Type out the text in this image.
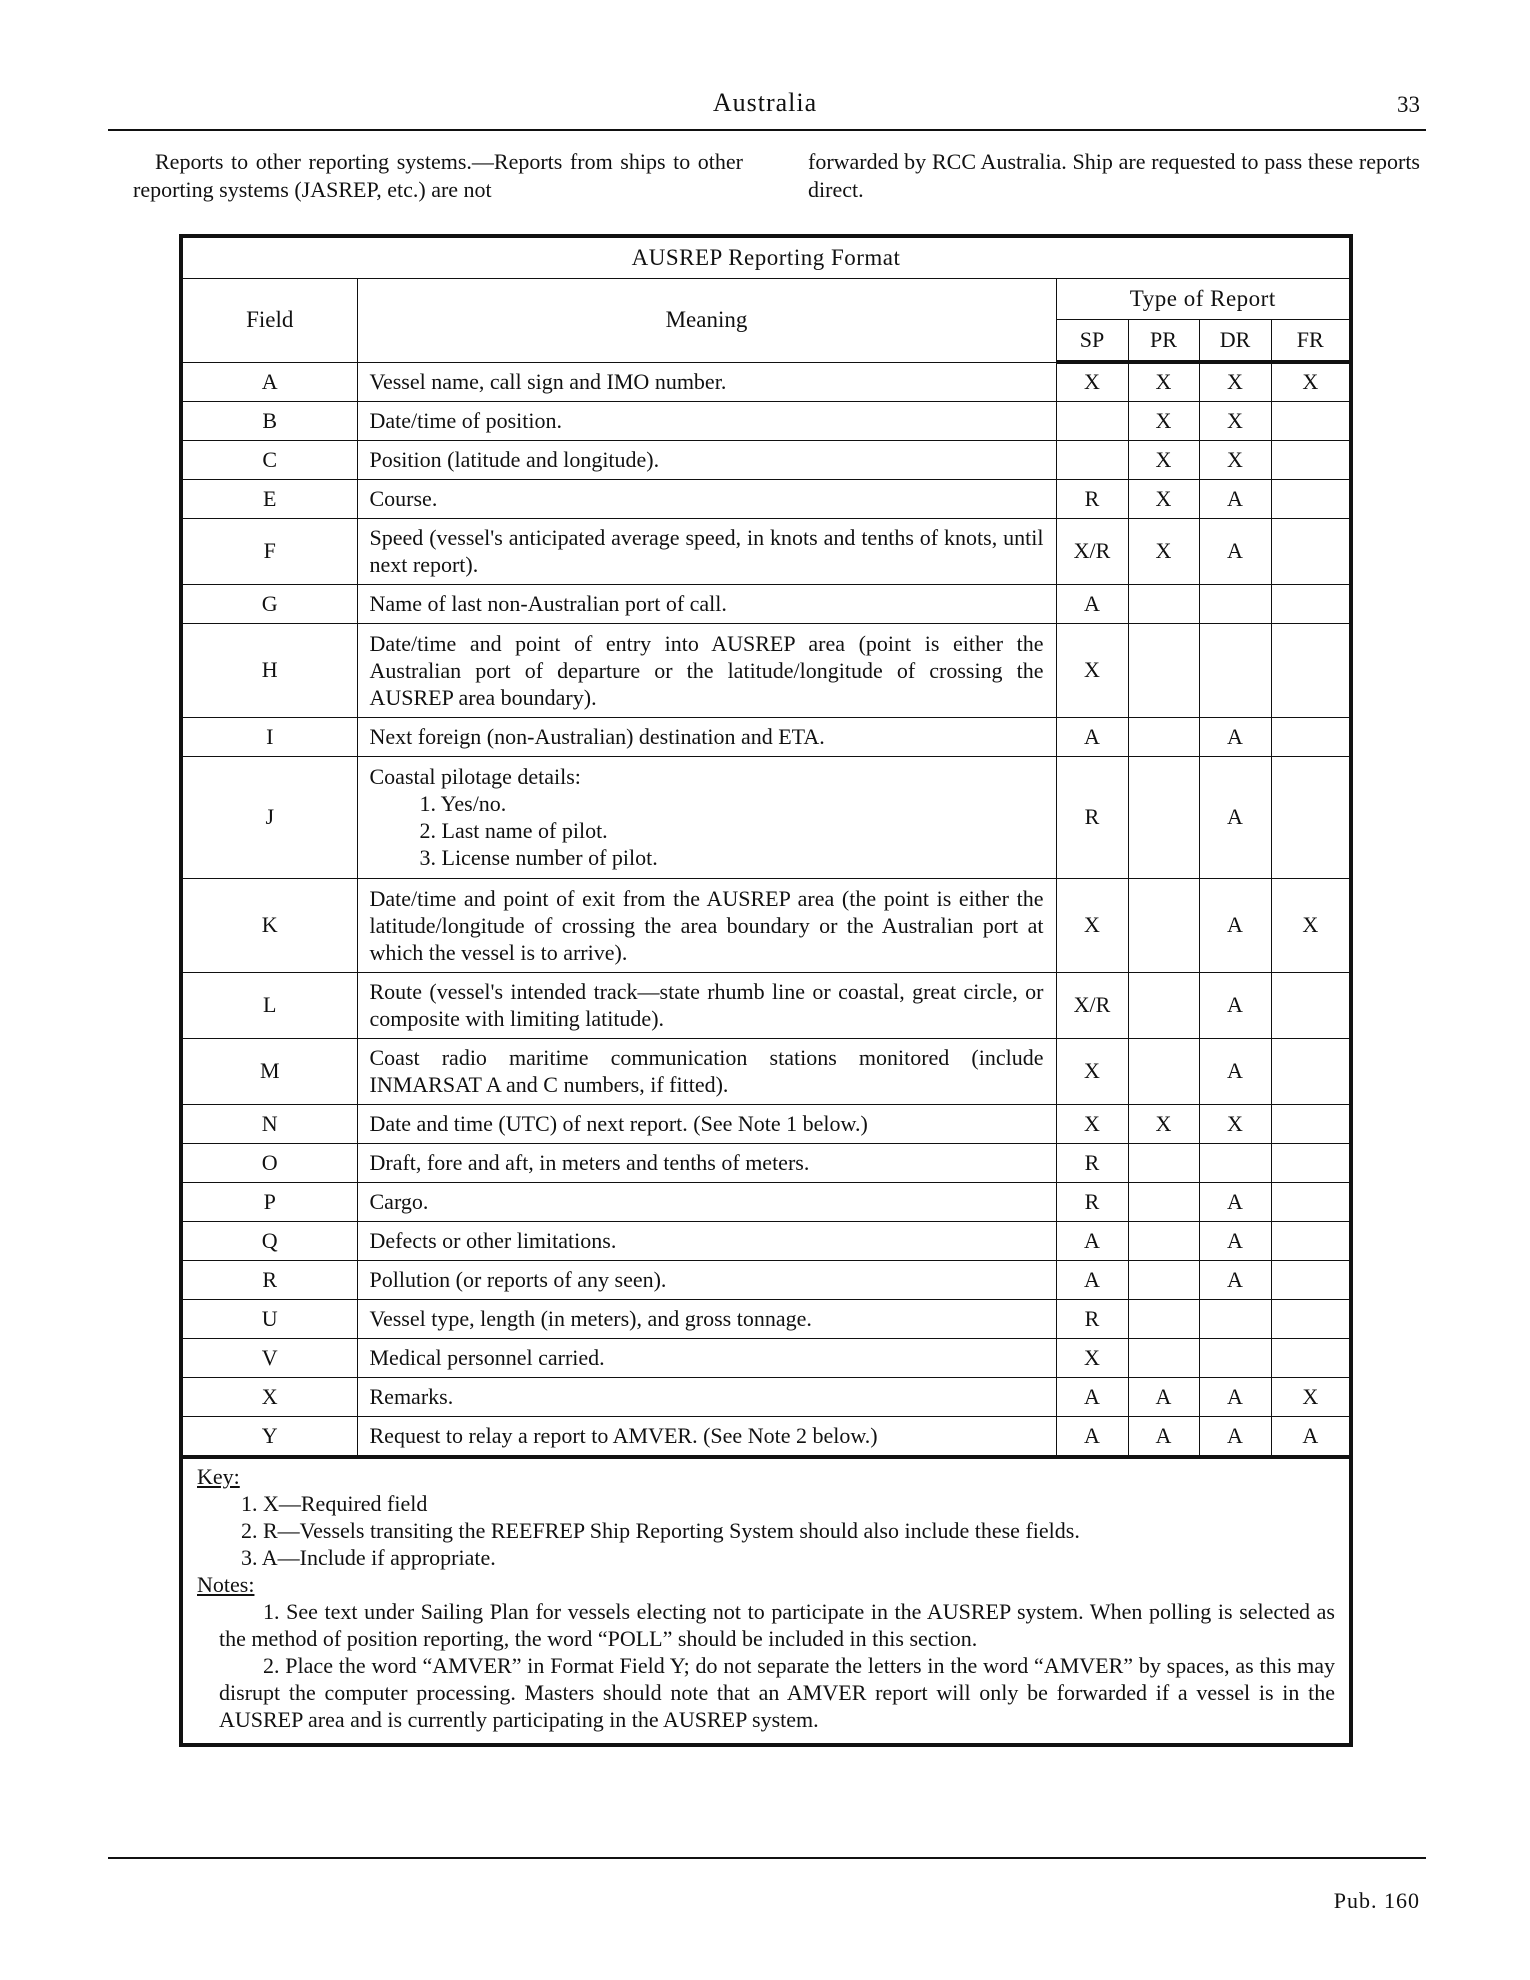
Australia	33
Reports to other reporting systems.—Reports from ships to other reporting systems (JASREP, etc.) are not
forwarded by RCC Australia. Ship are requested to pass these reports direct.
AUSREP Reporting Format					
Field	Meaning	Type of Report			
		SP	PR	DR	FR
A	Vessel name, call sign and IMO number.	X	X	X	X
B	Date/time of position.		X	X	
C	Position (latitude and longitude).		X	X	
E	Course.	R	X	A	
F	Speed (vessel's anticipated average speed, in knots and tenths of knots, until next report).	X/R	X	A	
G	Name of last non-Australian port of call.	A			
H	Date/time and point of entry into AUSREP area (point is either the Australian port of departure or the latitude/longitude of crossing the AUSREP area boundary).	X			
I	Next foreign (non-Australian) destination and ETA.	A		A	
J	Coastal pilotage details:
1. Yes/no.
2. Last name of pilot.
3. License number of pilot.	R		A	
K	Date/time and point of exit from the AUSREP area (the point is either the latitude/longitude of crossing the area boundary or the Australian port at which the vessel is to arrive).	X		A	X
L	Route (vessel's intended track—state rhumb line or coastal, great circle, or composite with limiting latitude).	X/R		A	
M	Coast radio maritime communication stations monitored (include INMARSAT A and C numbers, if fitted).	X		A	
N	Date and time (UTC) of next report. (See Note 1 below.)	X	X	X	
O	Draft, fore and aft, in meters and tenths of meters.	R			
P	Cargo.	R		A	
Q	Defects or other limitations.	A		A	
R	Pollution (or reports of any seen).	A		A	
U	Vessel type, length (in meters), and gross tonnage.	R			
V	Medical personnel carried.	X			
X	Remarks.	A	A	A	X
Y	Request to relay a report to AMVER. (See Note 2 below.)	A	A	A	A
Key:
1. X—Required field
2. R—Vessels transiting the REEFREP Ship Reporting System should also include these fields.
3. A—Include if appropriate.
Notes:
1. See text under Sailing Plan for vessels electing not to participate in the AUSREP system. When polling is selected as the method of position reporting, the word “POLL” should be included in this section.
2. Place the word “AMVER” in Format Field Y; do not separate the letters in the word “AMVER” by spaces, as this may disrupt the computer processing. Masters should note that an AMVER report will only be forwarded if a vessel is in the AUSREP area and is currently participating in the AUSREP system.
Pub. 160
